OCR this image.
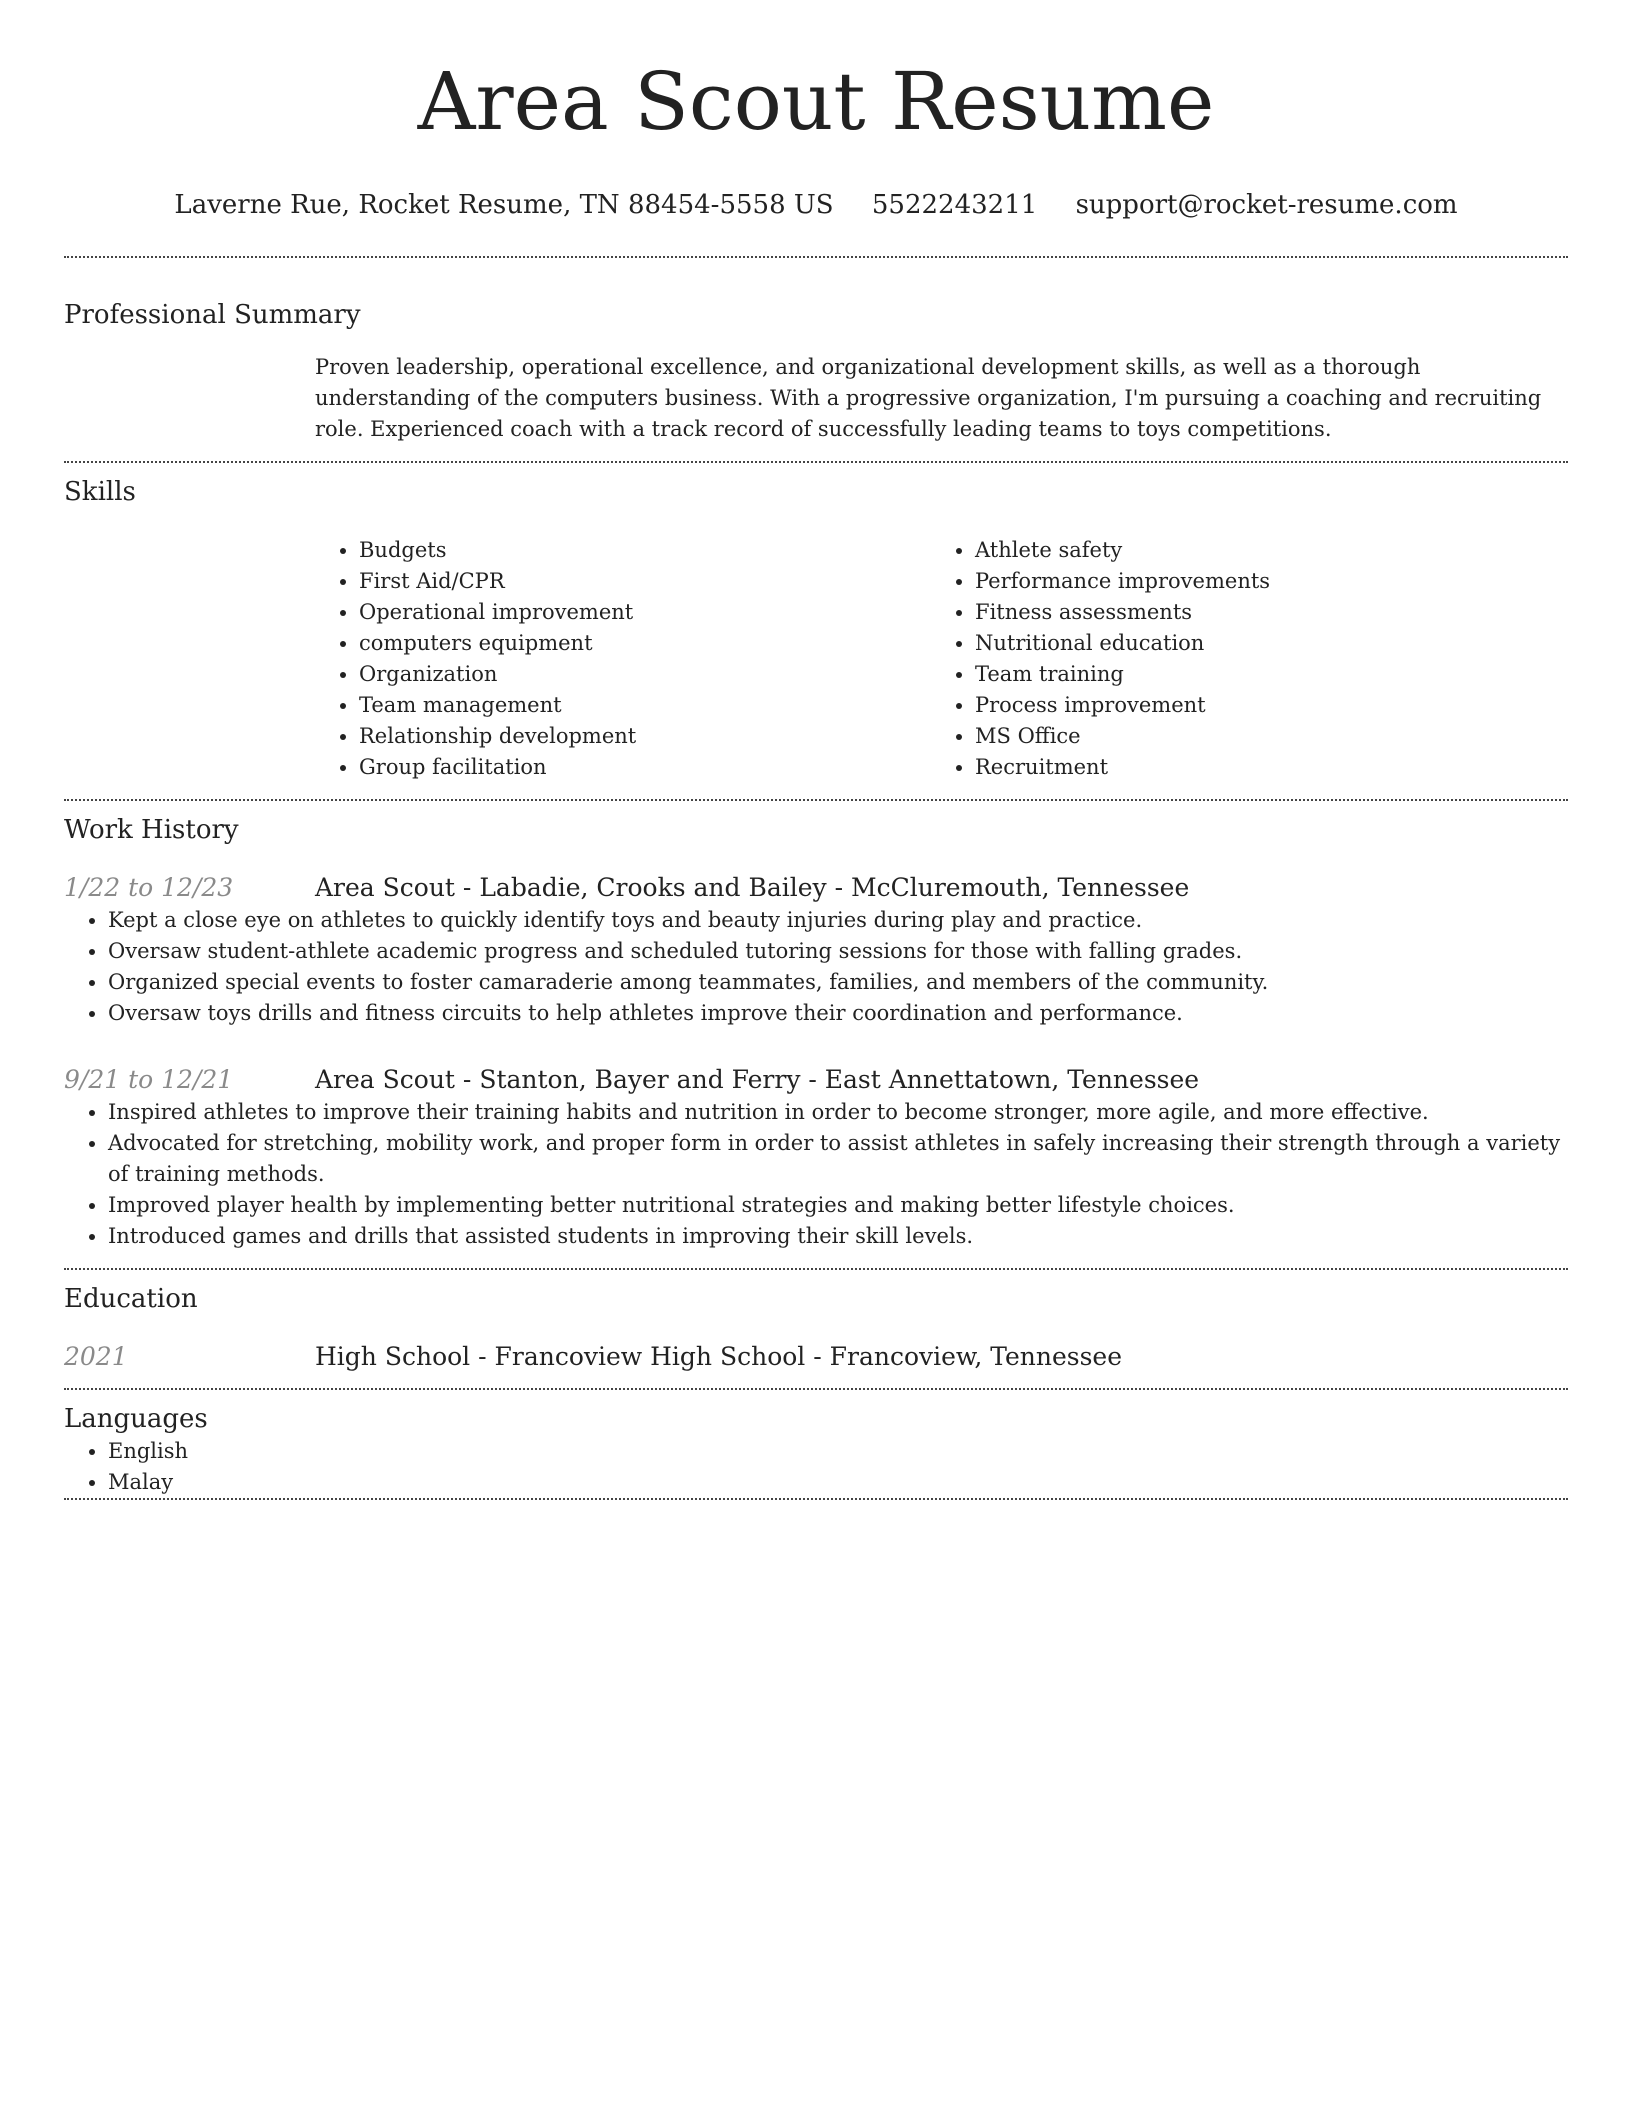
Area Scout Resume
Laverne Rue, Rocket Resume, TN 88454-5558 US 5522243211 support@rocket-resume.com
Professional Summary
Proven leadership, operational excellence, and organizational development skills, as well as a thorough understanding of the computers business. With a progressive organization, I'm pursuing a coaching and recruiting role. Experienced coach with a track record of successfully leading teams to toys competitions.
Skills
• Budgets
• First Aid/CPR
• Operational improvement
• computers equipment
• Organization
• Team management
• Relationship development
• Group facilitation
• Athlete safety
• Performance improvements
• Fitness assessments
• Nutritional education
• Team training
• Process improvement
• MS Office
• Recruitment
Work History
1/22 to 12/23	Area Scout - Labadie, Crooks and Bailey - McCluremouth, Tennessee
• Kept a close eye on athletes to quickly identify toys and beauty injuries during play and practice.
• Oversaw student-athlete academic progress and scheduled tutoring sessions for those with falling grades.
• Organized special events to foster camaraderie among teammates, families, and members of the community.
• Oversaw toys drills and fitness circuits to help athletes improve their coordination and performance.
9/21 to 12/21	Area Scout - Stanton, Bayer and Ferry - East Annettatown, Tennessee
• Inspired athletes to improve their training habits and nutrition in order to become stronger, more agile, and more effective.
• Advocated for stretching, mobility work, and proper form in order to assist athletes in safely increasing their strength through a variety of training methods.
• Improved player health by implementing better nutritional strategies and making better lifestyle choices.
• Introduced games and drills that assisted students in improving their skill levels.
Education
2021	High School - Francoview High School - Francoview, Tennessee
Languages
• English
• Malay
